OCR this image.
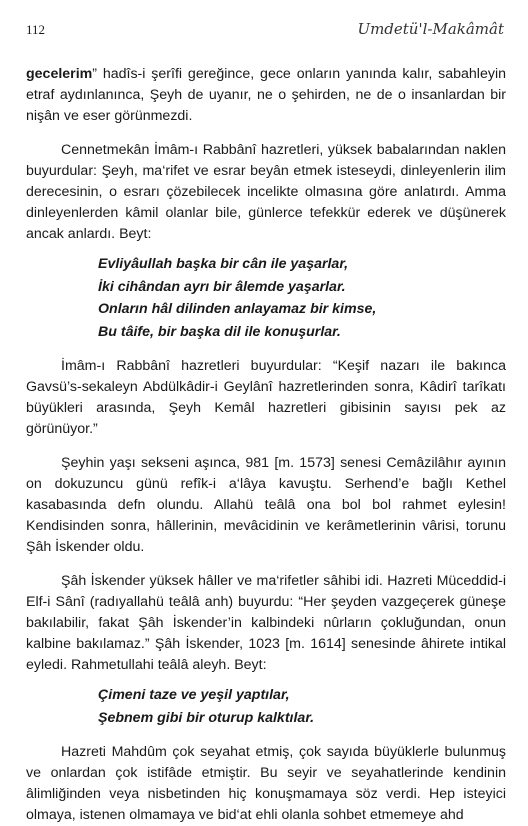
112	Umdetü'l-Makâmât

gecelerim” hadîs-i şerîfi gereğince, gece onların yanında kalır, sabahleyin etraf aydınlanınca, Şeyh de uyanır, ne o şehirden, ne de o insanlardan bir nişân ve eser görünmezdi.

Cennetmekân İmâm-ı Rabbânî hazretleri, yüksek babalarından naklen buyurdular: Şeyh, ma‘rifet ve esrar beyân etmek isteseydi, dinleyenlerin ilim derecesinin, o esrarı çözebilecek incelikte olmasına göre anlatırdı. Amma dinleyenlerden kâmil olanlar bile, günlerce tefekkür ederek ve düşünerek ancak anlardı. Beyt:

Evliyâullah başka bir cân ile yaşarlar,
İki cihândan ayrı bir âlemde yaşarlar.
Onların hâl dilinden anlayamaz bir kimse,
Bu tâife, bir başka dil ile konuşurlar.

İmâm-ı Rabbânî hazretleri buyurdular: “Keşif nazarı ile bakınca Gavsü’s-sekaleyn Abdülkâdir-i Geylânî hazretlerinden sonra, Kâdirî tarîkatı büyükleri arasında, Şeyh Kemâl hazretleri gibisinin sayısı pek az görünüyor.”

Şeyhin yaşı sekseni aşınca, 981 [m. 1573] senesi Cemâzilâhır ayının on dokuzuncu günü refîk-i a‘lâya kavuştu. Serhend’e bağlı Kethel kasabasında defn olundu. Allahü teâlâ ona bol bol rahmet eylesin! Kendisinden sonra, hâllerinin, mevâcidinin ve kerâmetlerinin vârisi, torunu Şâh İskender oldu.

Şâh İskender yüksek hâller ve ma‘rifetler sâhibi idi. Hazreti Müceddid-i Elf-i Sânî (radıyallahü teâlâ anh) buyurdu: “Her şeyden vazgeçerek güneşe bakılabilir, fakat Şâh İskender’in kalbindeki nûrların çokluğundan, onun kalbine bakılamaz.” Şâh İskender, 1023 [m. 1614] senesinde âhirete intikal eyledi. Rahmetullahi teâlâ aleyh. Beyt:

Çimeni taze ve yeşil yaptılar,
Şebnem gibi bir oturup kalktılar.

Hazreti Mahdûm çok seyahat etmiş, çok sayıda büyüklerle bulunmuş ve onlardan çok istifâde etmiştir. Bu seyir ve seyahatlerinde kendinin âlimliğinden veya nisbetinden hiç konuşmamaya söz verdi. Hep isteyici olmaya, istenen olmamaya ve bid‘at ehli olanla sohbet etmemeye ahd
